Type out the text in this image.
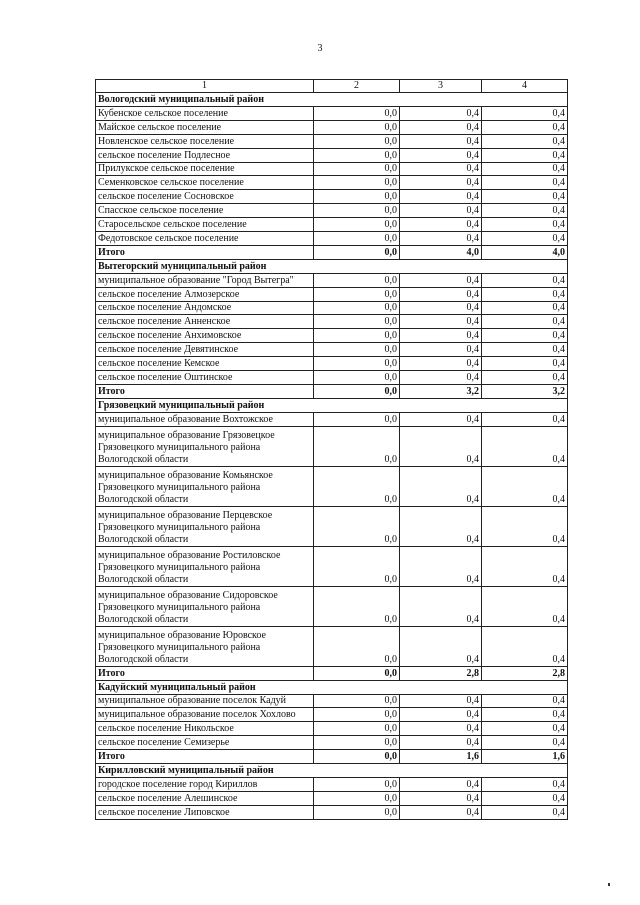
3
1	2	3	4
Вологодский муниципальный район			
Кубенское сельское поселение	0,0	0,4	0,4
Майское сельское поселение	0,0	0,4	0,4
Новленское сельское поселение	0,0	0,4	0,4
сельское поселение Подлесное	0,0	0,4	0,4
Прилукское сельское поселение	0,0	0,4	0,4
Семенковское сельское поселение	0,0	0,4	0,4
сельское поселение Сосновское	0,0	0,4	0,4
Спасское сельское поселение	0,0	0,4	0,4
Старосельское сельское поселение	0,0	0,4	0,4
Федотовское сельское поселение	0,0	0,4	0,4
Итого	0,0	4,0	4,0
Вытегорский муниципальный район			
муниципальное образование "Город Вытегра"	0,0	0,4	0,4
сельское поселение Алмозерское	0,0	0,4	0,4
сельское поселение Андомское	0,0	0,4	0,4
сельское поселение Анненское	0,0	0,4	0,4
сельское поселение Анхимовское	0,0	0,4	0,4
сельское поселение Девятинское	0,0	0,4	0,4
сельское поселение Кемское	0,0	0,4	0,4
сельское поселение Оштинское	0,0	0,4	0,4
Итого	0,0	3,2	3,2
Грязовецкий муниципальный район			
муниципальное образование Вохтожское	0,0	0,4	0,4
муниципальное образование Грязовецкое
Грязовецкого муниципального района
Вологодской области	0,0	0,4	0,4
муниципальное образование Комьянское
Грязовецкого муниципального района
Вологодской области	0,0	0,4	0,4
муниципальное образование Перцевское
Грязовецкого муниципального района
Вологодской области	0,0	0,4	0,4
муниципальное образование Ростиловское
Грязовецкого муниципального района
Вологодской области	0,0	0,4	0,4
муниципальное образование Сидоровское
Грязовецкого муниципального района
Вологодской области	0,0	0,4	0,4
муниципальное образование Юровское
Грязовецкого муниципального района
Вологодской области	0,0	0,4	0,4
Итого	0,0	2,8	2,8
Кадуйский муниципальный район			
муниципальное образование поселок Кадуй	0,0	0,4	0,4
муниципальное образование поселок Хохлово	0,0	0,4	0,4
сельское поселение Никольское	0,0	0,4	0,4
сельское поселение Семизерье	0,0	0,4	0,4
Итого	0,0	1,6	1,6
Кирилловский муниципальный район			
городское поселение город Кириллов	0,0	0,4	0,4
сельское поселение Алешинское	0,0	0,4	0,4
сельское поселение Липовское	0,0	0,4	0,4
